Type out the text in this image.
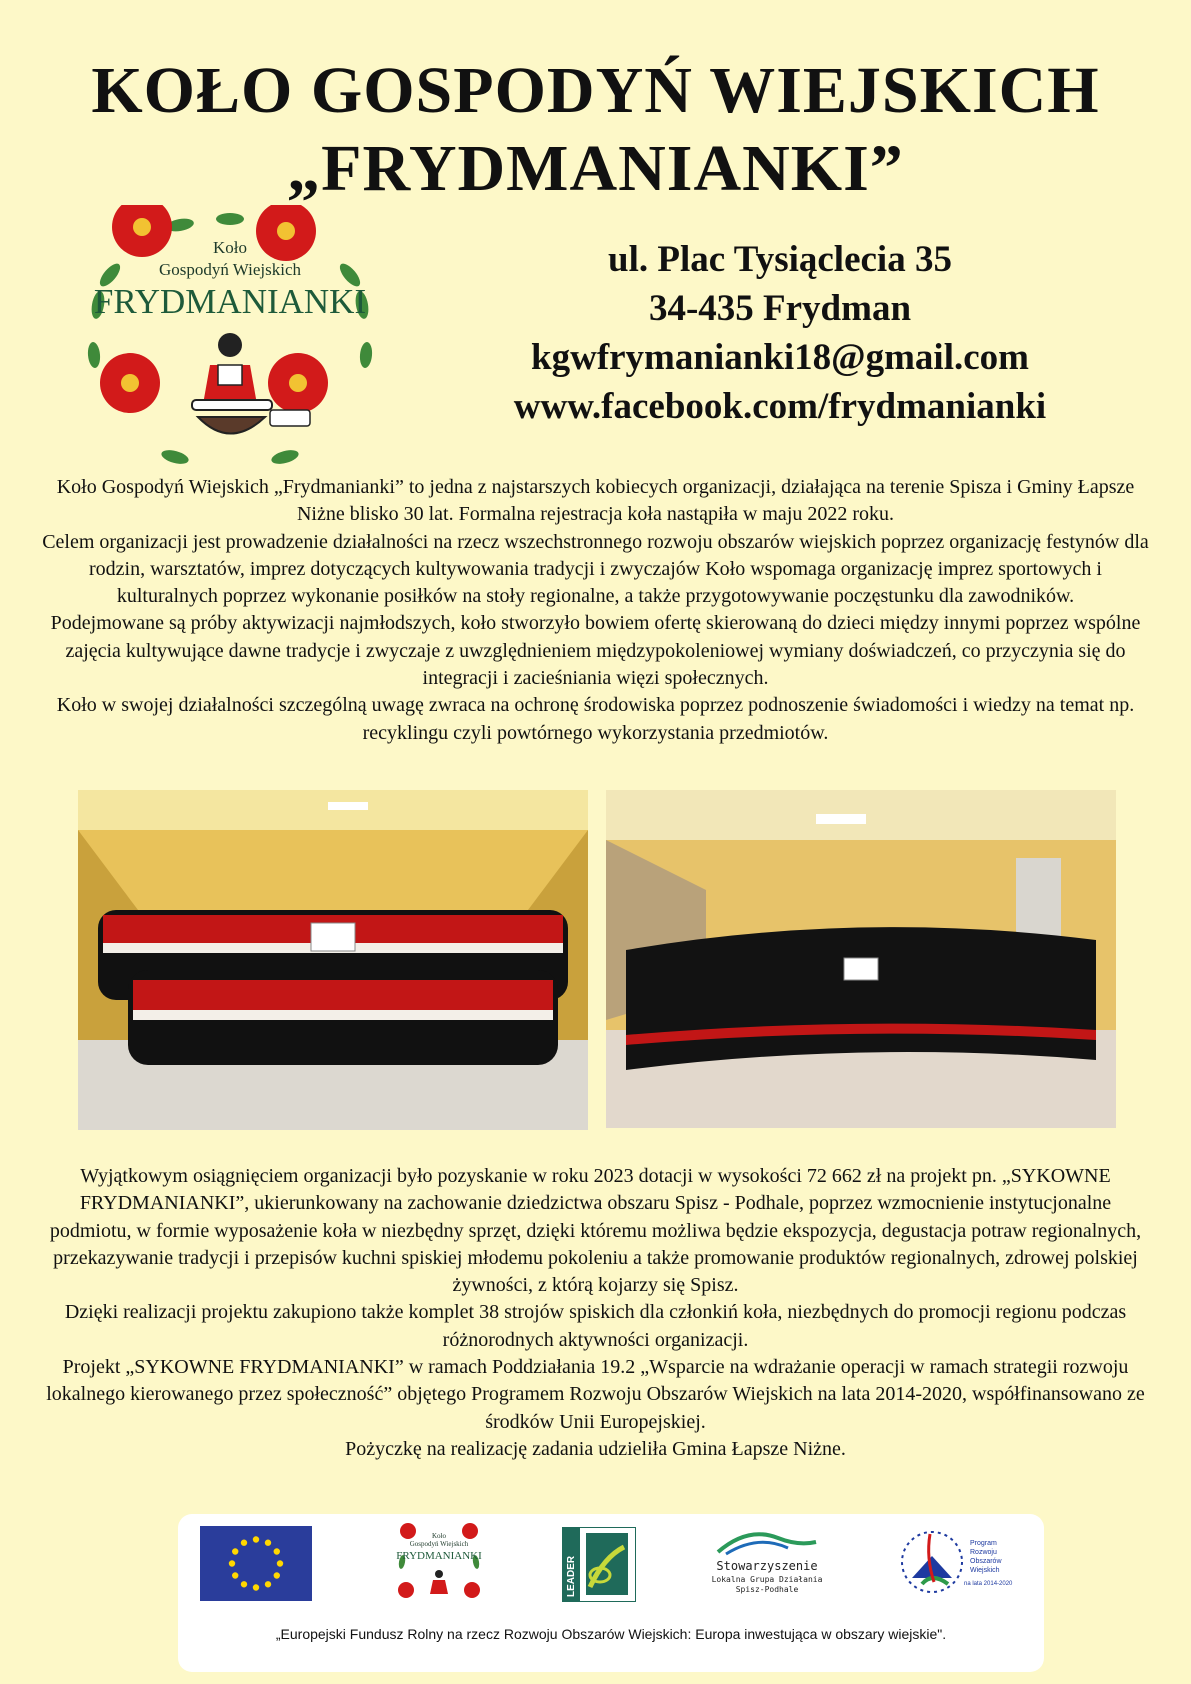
KOŁO GOSPODYŃ WIEJSKICH
„FRYDMANIANKI”
Koło
Gospodyń Wiejskich
FRYDMANIANKI
ul. Plac Tysiąclecia 35
34-435 Frydman
kgwfrymanianki18@gmail.com
www.facebook.com/frydmanianki

Koło Gospodyń Wiejskich „Frydmanianki” to jedna z najstarszych kobiecych organizacji, działająca na terenie Spisza i Gminy Łapsze Niżne blisko 30 lat. Formalna rejestracja koła nastąpiła w maju 2022 roku.

Celem organizacji jest prowadzenie działalności na rzecz wszechstronnego rozwoju obszarów wiejskich poprzez organizację festynów dla rodzin, warsztatów, imprez dotyczących kultywowania tradycji i zwyczajów Koło wspomaga organizację imprez sportowych i kulturalnych poprzez wykonanie posiłków na stoły regionalne, a także przygotowywanie poczęstunku dla zawodników.

Podejmowane są próby aktywizacji najmłodszych, koło stworzyło bowiem ofertę skierowaną do dzieci między innymi poprzez wspólne zajęcia kultywujące dawne tradycje i zwyczaje z uwzględnieniem międzypokoleniowej wymiany doświadczeń, co przyczynia się do integracji i zacieśniania więzi społecznych.

Koło w swojej działalności szczególną uwagę zwraca na ochronę środowiska poprzez podnoszenie świadomości i wiedzy na temat np. recyklingu czyli powtórnego wykorzystania przedmiotów.

Wyjątkowym osiągnięciem organizacji było pozyskanie w roku 2023 dotacji w wysokości 72 662 zł na projekt pn. „SYKOWNE FRYDMANIANKI”, ukierunkowany na zachowanie dziedzictwa obszaru Spisz - Podhale, poprzez wzmocnienie instytucjonalne podmiotu, w formie wyposażenie koła w niezbędny sprzęt, dzięki któremu możliwa będzie ekspozycja, degustacja potraw regionalnych, przekazywanie tradycji i przepisów kuchni spiskiej młodemu pokoleniu a także promowanie produktów regionalnych, zdrowej polskiej żywności, z którą kojarzy się Spisz.

Dzięki realizacji projektu zakupiono także komplet 38 strojów spiskich dla członkiń koła, niezbędnych do promocji regionu podczas różnorodnych aktywności organizacji.

Projekt „SYKOWNE FRYDMANIANKI” w ramach Poddziałania 19.2 „Wsparcie na wdrażanie operacji w ramach strategii rozwoju lokalnego kierowanego przez społeczność” objętego Programem Rozwoju Obszarów Wiejskich na lata 2014-2020, współfinansowano ze środków Unii Europejskiej.

Pożyczkę na realizację zadania udzieliła Gmina Łapsze Niżne.

Koło
Gospodyń Wiejskich
FRYDMANIANKI	LEADER	Stowarzyszenie
Lokalna Grupa Działania
Spisz-Podhale
Program
Rozwoju
Obszarów
Wiejskich
na lata 2014-2020
„Europejski Fundusz Rolny na rzecz Rozwoju Obszarów Wiejskich: Europa inwestująca w obszary wiejskie".
